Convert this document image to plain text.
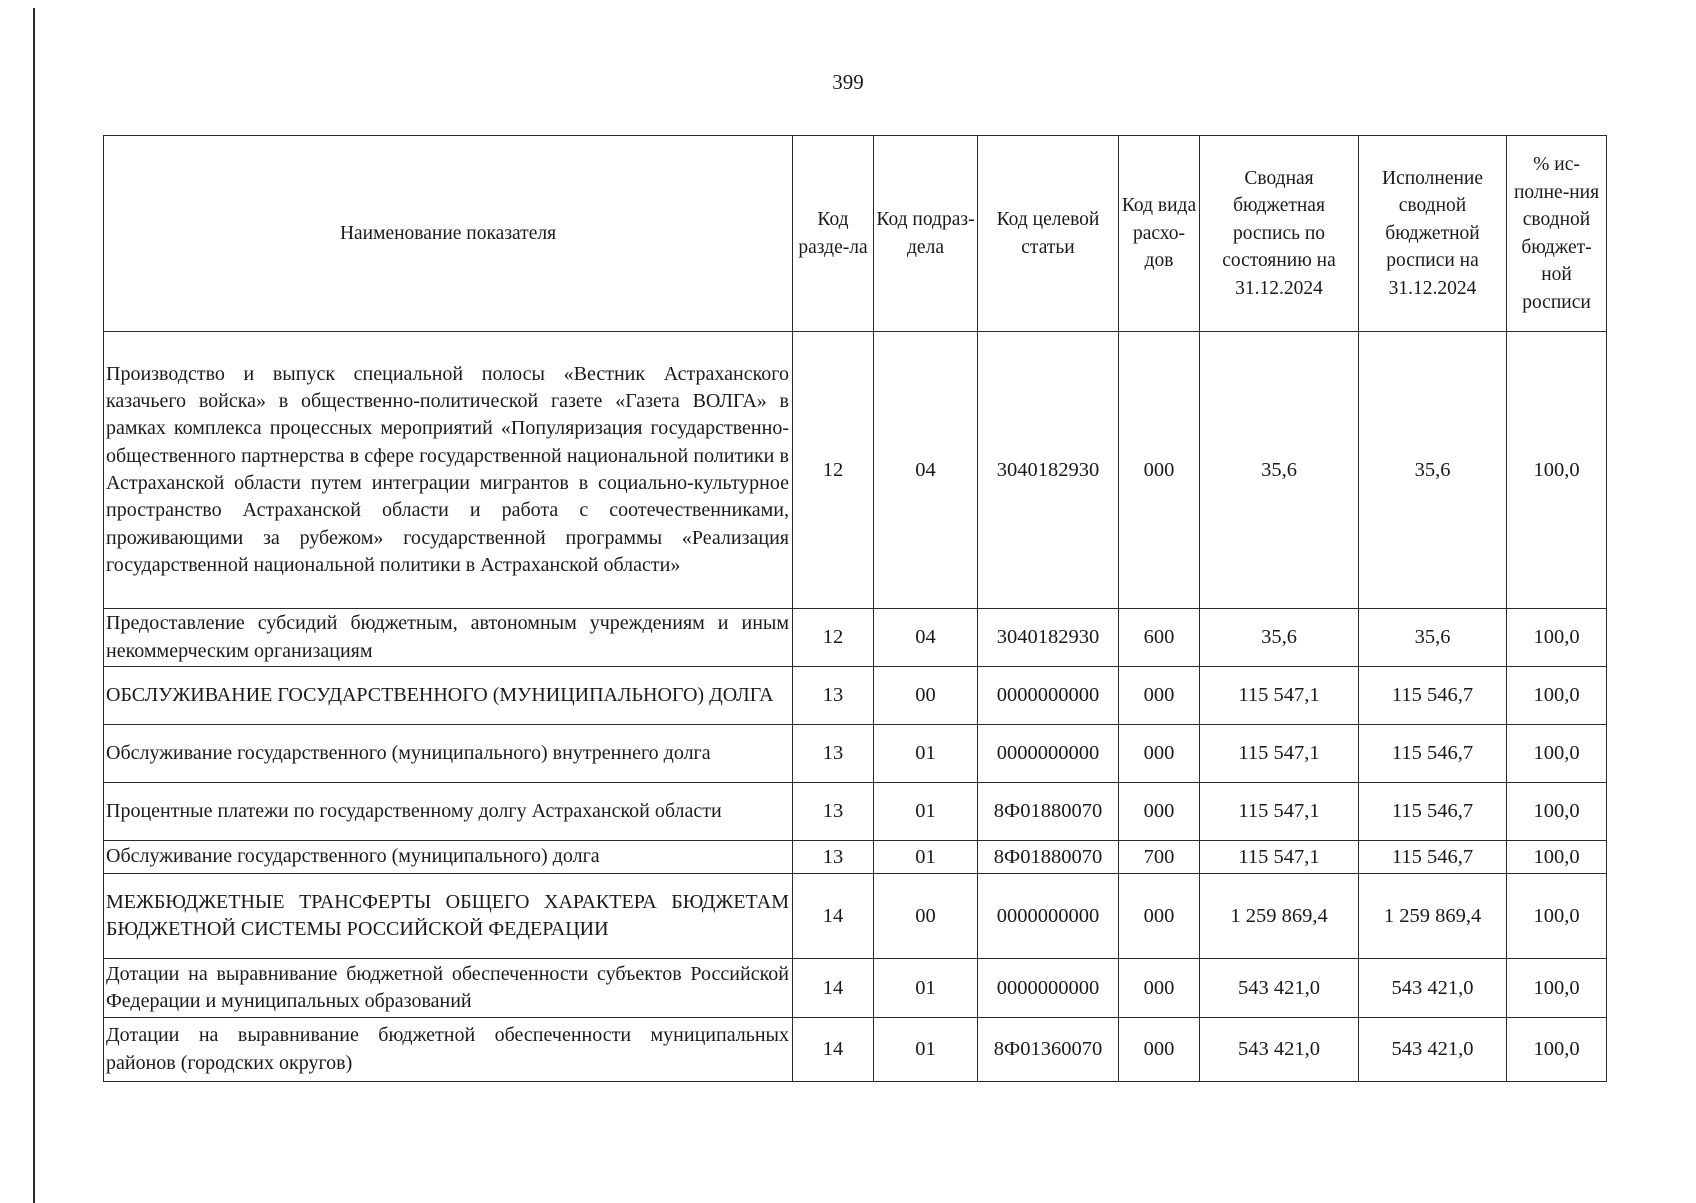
399
Наименование показателя	Код разде-ла	Код подраз-дела	Код целевой статьи	Код вида расхо-дов	Сводная бюджетная роспись по состоянию на 31.12.2024	Исполнение сводной бюджетной росписи на 31.12.2024	% ис-полне-ния сводной бюджет-ной росписи
Производство и выпуск специальной полосы «Вестник Астраханского казачьего войска» в общественно-политической газете «Газета ВОЛГА» в рамках комплекса процессных мероприятий «Популяризация государственно-общественного партнерства в сфере государственной национальной политики в Астраханской области путем интеграции мигрантов в социально-культурное пространство Астраханской области и работа с соотечественниками, проживающими за рубежом» государственной программы «Реализация государственной национальной политики в Астраханской области»	12	04	3040182930	000	35,6	35,6	100,0
Предоставление субсидий бюджетным, автономным учреждениям и иным некоммерческим организациям	12	04	3040182930	600	35,6	35,6	100,0
ОБСЛУЖИВАНИЕ ГОСУДАРСТВЕННОГО (МУНИЦИПАЛЬНОГО) ДОЛГА	13	00	0000000000	000	115 547,1	115 546,7	100,0
Обслуживание государственного (муниципального) внутреннего долга	13	01	0000000000	000	115 547,1	115 546,7	100,0
Процентные платежи по государственному долгу Астраханской области	13	01	8Ф01880070	000	115 547,1	115 546,7	100,0
Обслуживание государственного (муниципального) долга	13	01	8Ф01880070	700	115 547,1	115 546,7	100,0
МЕЖБЮДЖЕТНЫЕ ТРАНСФЕРТЫ ОБЩЕГО ХАРАКТЕРА БЮДЖЕТАМ БЮДЖЕТНОЙ СИСТЕМЫ РОССИЙСКОЙ ФЕДЕРАЦИИ	14	00	0000000000	000	1 259 869,4	1 259 869,4	100,0
Дотации на выравнивание бюджетной обеспеченности субъектов Российской Федерации и муниципальных образований	14	01	0000000000	000	543 421,0	543 421,0	100,0
Дотации на выравнивание бюджетной обеспеченности муниципальных районов (городских округов)	14	01	8Ф01360070	000	543 421,0	543 421,0	100,0
